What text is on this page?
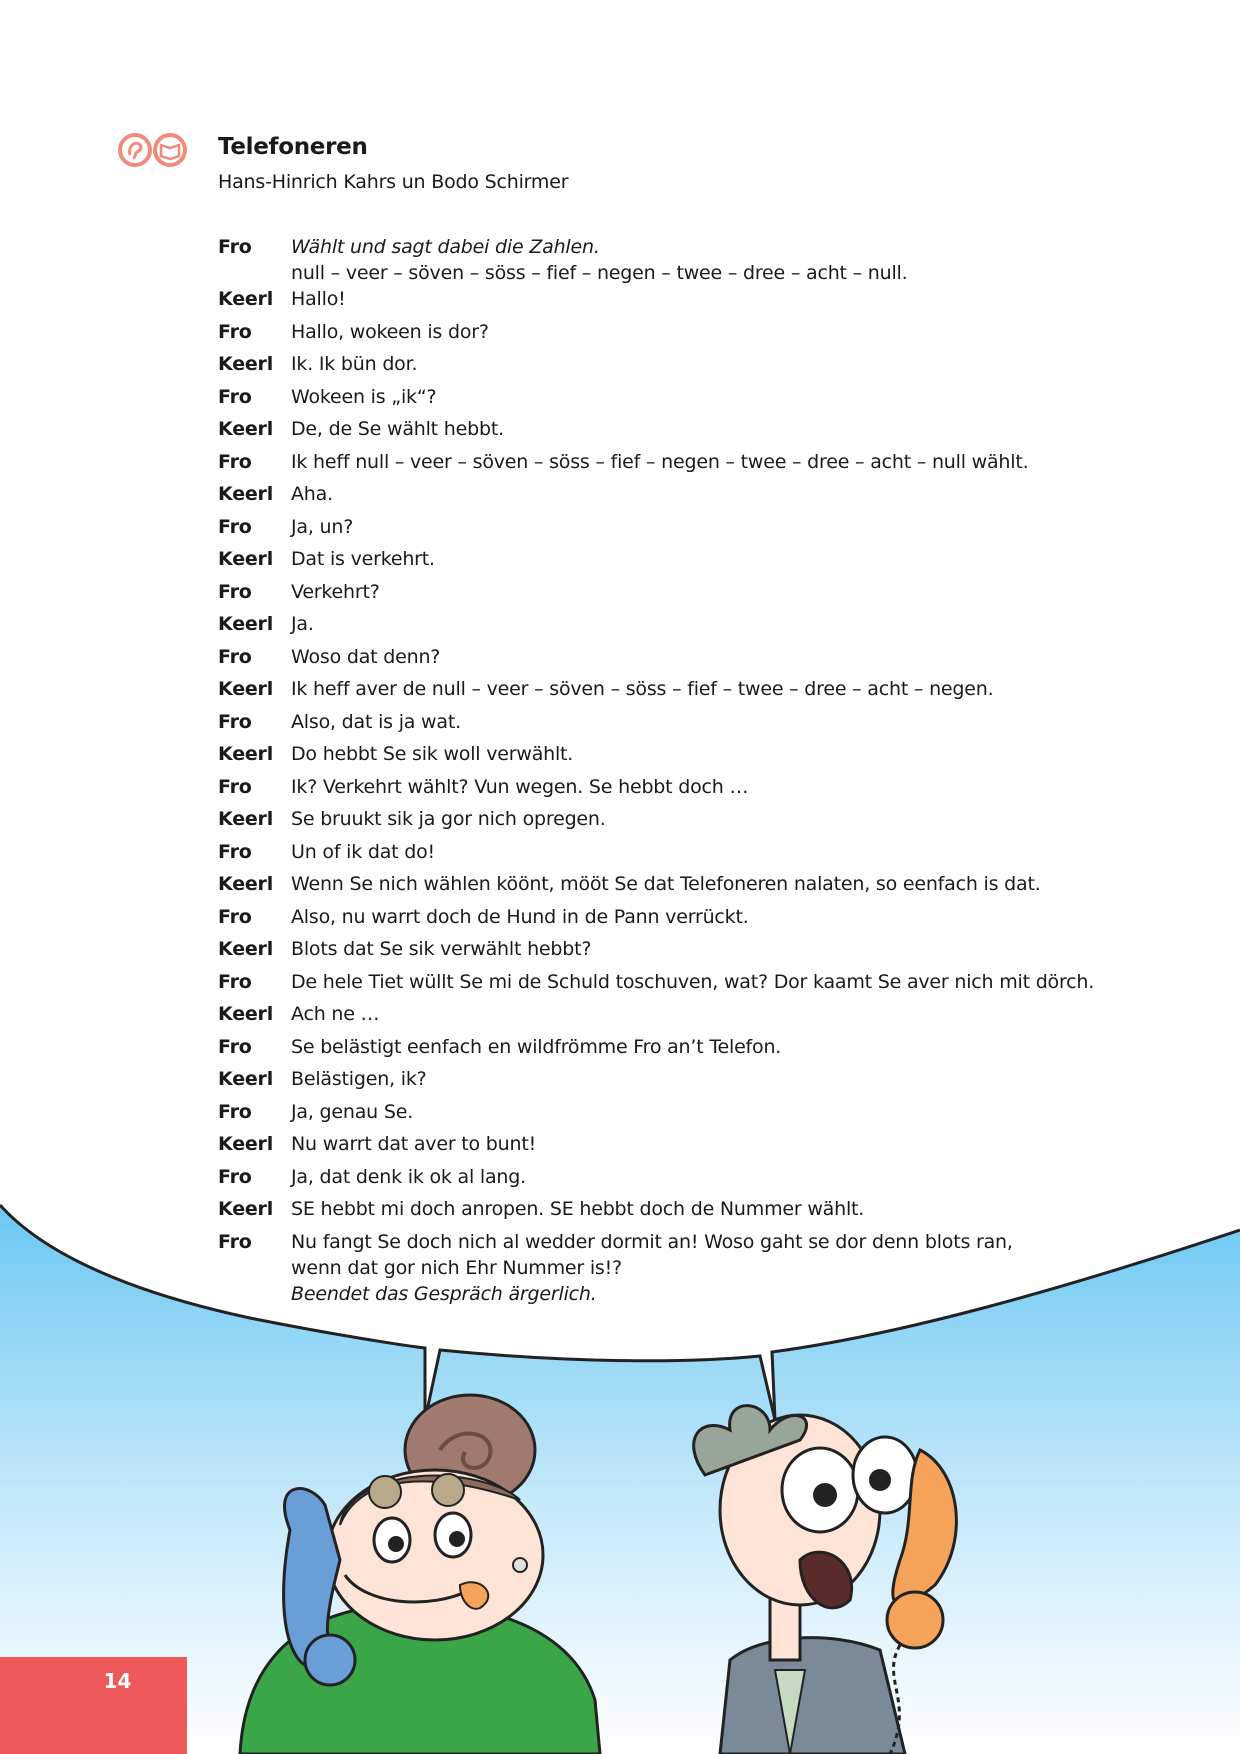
Telefoneren
Hans-Hinrich Kahrs un Bodo Schirmer
Fro	Wählt und sagt dabei die Zahlen.
null – veer – söven – söss – fief – negen – twee – dree – acht – null.
Keerl Hallo!
Fro	Hallo, wokeen is dor?
Keerl Ik. Ik bün dor.
Fro	Wokeen is „ik“?
Keerl De, de Se wählt hebbt.
Fro	Ik heff null – veer – söven – söss – fief – negen – twee – dree – acht – null wählt.
Keerl Aha.
Fro	Ja, un?
Keerl Dat is verkehrt.
Fro	Verkehrt?
Keerl Ja.
Fro	Woso dat denn?
Keerl Ik heff aver de null – veer – söven – söss – fief – twee – dree – acht – negen.
Fro	Also, dat is ja wat.
Keerl Do hebbt Se sik woll verwählt.
Fro	Ik? Verkehrt wählt? Vun wegen. Se hebbt doch …
Keerl Se bruukt sik ja gor nich opregen.
Fro	Un of ik dat do!
Keerl Wenn Se nich wählen köönt, mööt Se dat Telefoneren nalaten, so eenfach is dat.
Fro	Also, nu warrt doch de Hund in de Pann verrückt.
Keerl Blots dat Se sik verwählt hebbt?
Fro	De hele Tiet wüllt Se mi de Schuld toschuven, wat? Dor kaamt Se aver nich mit dörch.
Keerl Ach ne …
Fro	Se belästigt eenfach en wildfrömme Fro an’t Telefon.
Keerl Belästigen, ik?
Fro	Ja, genau Se.
Keerl Nu warrt dat aver to bunt!
Fro	Ja, dat denk ik ok al lang.
Keerl SE hebbt mi doch anropen. SE hebbt doch de Nummer wählt.
Fro	Nu fangt Se doch nich al wedder dormit an! Woso gaht se dor denn blots ran,
wenn dat gor nich Ehr Nummer is!?
Beendet das Gespräch ärgerlich.
14
